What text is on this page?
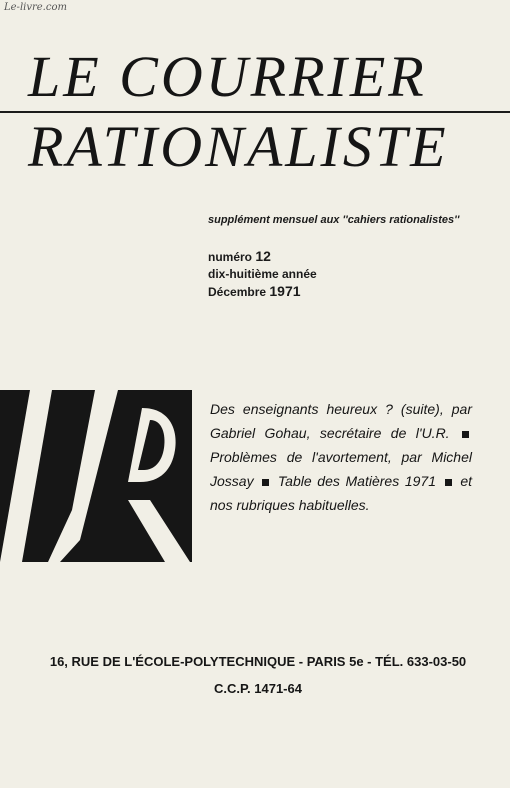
Le-livre.com
LE COURRIER
RATIONALISTE
supplément mensuel aux ''cahiers rationalistes''
numéro 12
dix-huitième année
Décembre 1971
Des enseignants heureux ? (suite), par Gabriel Gohau, secrétaire de l'U.R.  Problèmes de l'avortement, par Michel Jossay Table des Matières 1971 et nos rubriques habituelles.
16, RUE DE L'ÉCOLE-POLYTECHNIQUE - PARIS 5e - TÉL. 633-03-50
C.C.P. 1471-64
